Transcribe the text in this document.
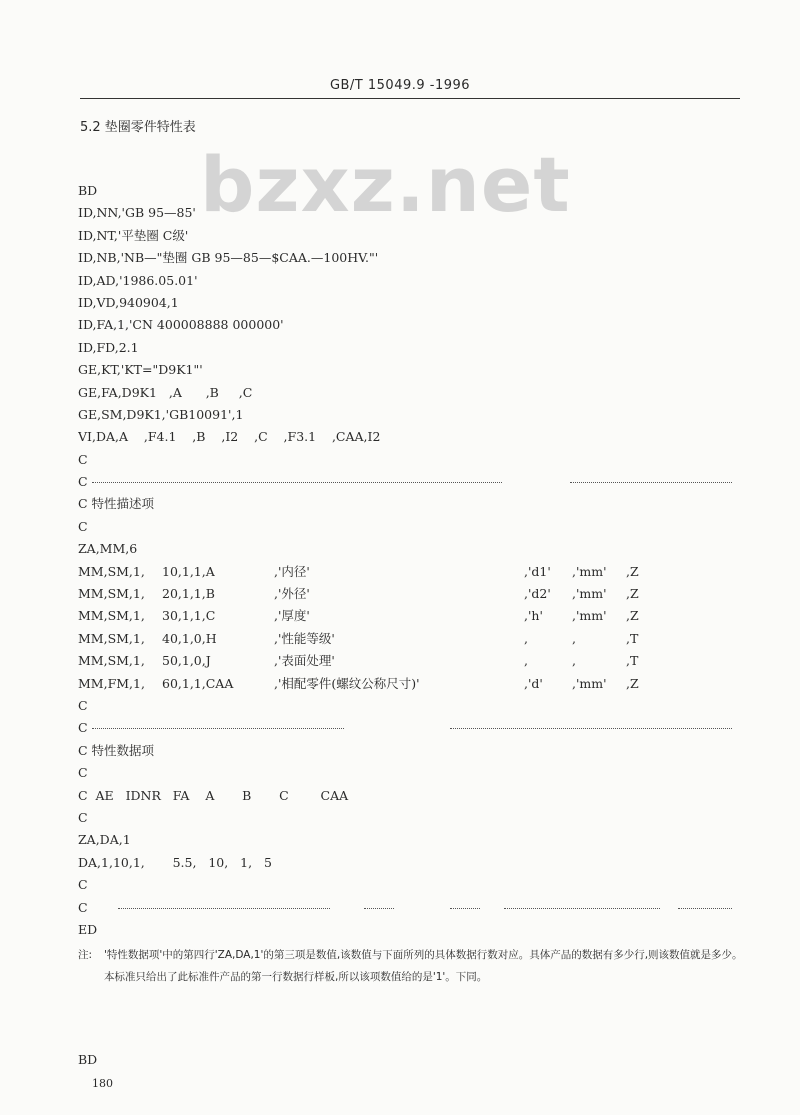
GB/T 15049.9 -1996
5.2 垫圈零件特性表
bzxz.net
BD
ID,NN,'GB 95—85'
ID,NT,'平垫圈 C级'
ID,NB,'NB—"垫圈 GB 95—85—$CAA.—100HV."'
ID,AD,'1986.05.01'
ID,VD,940904,1
ID,FA,1,'CN 400008888 000000'
ID,FD,2.1
GE,KT,'KT="D9K1"'
GE,FA,D9K1   ,A      ,B     ,C
GE,SM,D9K1,'GB10091',1
VI,DA,A    ,F4.1    ,B    ,I2    ,C    ,F3.1    ,CAA,I2
C
C
C 特性描述项
C
ZA,MM,6
MM,SM,1, 10,1,1,A	,'内径'	,'d1' ,'mm' ,Z
MM,SM,1, 20,1,1,B	,'外径'	,'d2' ,'mm' ,Z
MM,SM,1, 30,1,1,C	,'厚度'	,'h' ,'mm' ,Z
MM,SM,1, 40,1,0,H	,'性能等级'	,	,	,T
MM,SM,1, 50,1,0,J	,'表面处理'	,	,	,T
MM,FM,1, 60,1,1,CAA	,'相配零件(螺纹公称尺寸)'	,'d' ,'mm' ,Z
C
C
C 特性数据项
C
C  AE   IDNR   FA    A       B       C        CAA
C
ZA,DA,1
DA,1,10,1,       5.5,   10,   1,   5
C
C
ED
注: '特性数据项'中的第四行'ZA,DA,1'的第三项是数值,该数值与下面所列的具体数据行数对应。具体产品的数据有多少行,则该数值就是多少。本标准只给出了此标准件产品的第一行数据行样板,所以该项数值给的是'1'。下同。
BD
180
